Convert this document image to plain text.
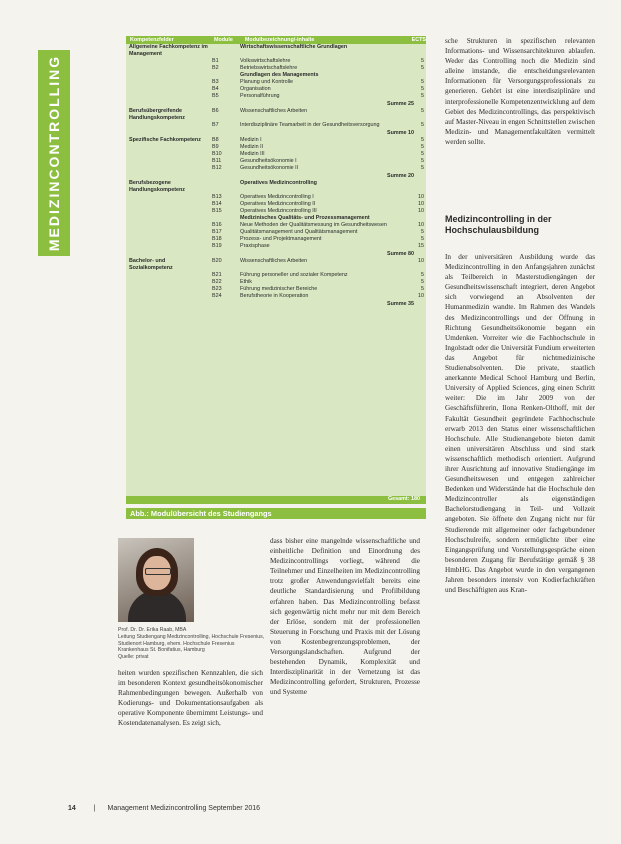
MEDIZINCONTROLLING
Kompetenzfelder	Module	Modulbezeichnung/-inhalte	ECTS
Allgemeine Fachkompetenz im Management
Wirtschaftswissenschaftliche Grundlagen
B1	Volkswirtschaftslehre	5
B2	Betriebswirtschaftslehre	5
Grundlagen des Managements
B3	Planung und Kontrolle	5
B4	Organisation	5
B5	Personalführung	5
Summe 25
Berufsübergreifende Handlungskompetenz
B6	Wissenschaftliches Arbeiten	5
B7	Interdisziplinäre Teamarbeit in der Gesundheitsversorgung	5
Summe 10
Spezifische Fachkompetenz	B8	Medizin I	5
B9	Medizin II	5
B10	Medizin III	5
B11	Gesundheitsökonomie I	5
B12	Gesundheitsökonomie II	5
Summe 20
Berufsbezogene Handlungskompetenz
Operatives Medizincontrolling
B13	Operatives Medizincontrolling I	10
B14	Operatives Medizincontrolling II	10
B15	Operatives Medizincontrolling III	10
Medizinisches Qualitäts- und Prozessmanagement
B16	Neue Methoden der Qualitätsmessung im Gesundheitswesen	10
B17	Qualitätsmanagement und Qualitätsmanagement	5
B18	Prozess- und Projektmanagement	5
B19	Praxisphase	15
Summe 80
Bachelor- und Sozialkompetenz
B20	Wissenschaftliches Arbeiten	10
B21	Führung personeller und sozialer Kompetenz	5
B22	Ethik	5
B23	Führung medizinischer Bereiche	5
B24	Berufstheorie in Kooperation	10
Summe 35
Gesamt: 180
Abb.: Modulübersicht des Studiengangs
Prof. Dr. Dr. Erika Raab, MBA
Leitung Studiengang Medizincontrolling, Hochschule Fresenius,
Studienort Hamburg, ehem. Hochschule Fresenius
Krankenhaus St. Bonifatius, Hamburg
Quelle: privat
heiten wurden spezifischen Kennzahlen, die sich im besonderen Kontext gesundheitsökonomischer Rahmenbedingungen bewegen. Außerhalb von Kodierungs- und Dokumentationsaufgaben als operative Komponente übernimmt Leistungs- und Kostendatenanalysen. Es zeigt sich,
dass bisher eine mangelnde wissenschaftliche und einheitliche Definition und Einordnung des Medizincontrollings vorliegt, während die Teilnehmer und Einzelheiten im Medizincontrolling trotz großer Anwendungsvielfalt bereits eine deutliche Standardisierung und Profilbildung erfahren haben. Das Medizincontrolling befasst sich gegenwärtig nicht mehr nur mit dem Bereich der Erlöse, sondern mit der professionellen Steuerung in Forschung und Praxis mit der Lösung von Kostenbegrenzungsproblemen, der Versorgungslandschaften. Aufgrund der bestehenden Dynamik, Komplexität und Interdisziplinarität in der Vernetzung ist das Medizincontrolling gefordert, Strukturen, Prozesse und Systeme
sche Strukturen in spezifischen relevanten Informations- und Wissensarchitekturen ablaufen. Weder das Controlling noch die Medizin sind alleine imstande, die entscheidungsrelevanten Informationen für Versorgungsprofessionals zu generieren. Gehört ist eine interdisziplinäre und interprofessionelle Kompetenzentwicklung auf dem Gebiet des Medizincontrollings, das perspektivisch auf Master-Niveau in engen Schnittstellen zwischen Medizin- und Managementfakultäten vermittelt werden sollte.
Medizincontrolling in der Hochschulausbildung
In der universitären Ausbildung wurde das Medizincontrolling in den Anfangsjahren zunächst als Teilbereich in Masterstudiengängen der Gesundheitswissenschaft integriert, deren Angebot sich vorwiegend an Absolventen der Humanmedizin wandte. Im Rahmen des Wandels des Medizincontrollings und der Öffnung in Richtung Gesundheitsökonomie begann ein Umdenken. Vorreiter wie die Fachhochschule in Ingolstadt oder die Universität Fundium erweiterten das Angebot für nichtmedizinische Studienabsolventen. Die private, staatlich anerkannte Medical School Hamburg und Berlin, University of Applied Sciences, ging einen Schritt weiter: Die im Jahr 2009 von der Geschäftsführerin, Ilona Renken-Olthoff, mit der Fakultät Gesundheit gegründete Fachhochschule erwarb 2013 den Status einer wissenschaftlichen Hochschule. Alle Studienangebote bieten damit einen universitären Abschluss und sind stark wissenschaftlich methodisch orientiert. Aufgrund ihrer Ausrichtung auf innovative Studiengänge im Gesundheitswesen und entgegen zahlreicher Bedenken und Widerstände hat die Hochschule den Medizincontroller als eigenständigen Bachelorstudiengang in Teil- und Vollzeit angeboten. Sie öffnete den Zugang nicht nur für Studierende mit allgemeiner oder fachgebundener Hochschulreife, sondern ermöglichte über eine Eingangsprüfung und Vorstellungsgespräche einen besonderen Zugang für Berufstätige gemäß § 38 HmbHG. Das Angebot wurde in den vergangenen Jahren besonders intensiv von Kodierfachkräften und Beschäftigten aus Kran-
14	| Management Medizincontrolling September 2016
